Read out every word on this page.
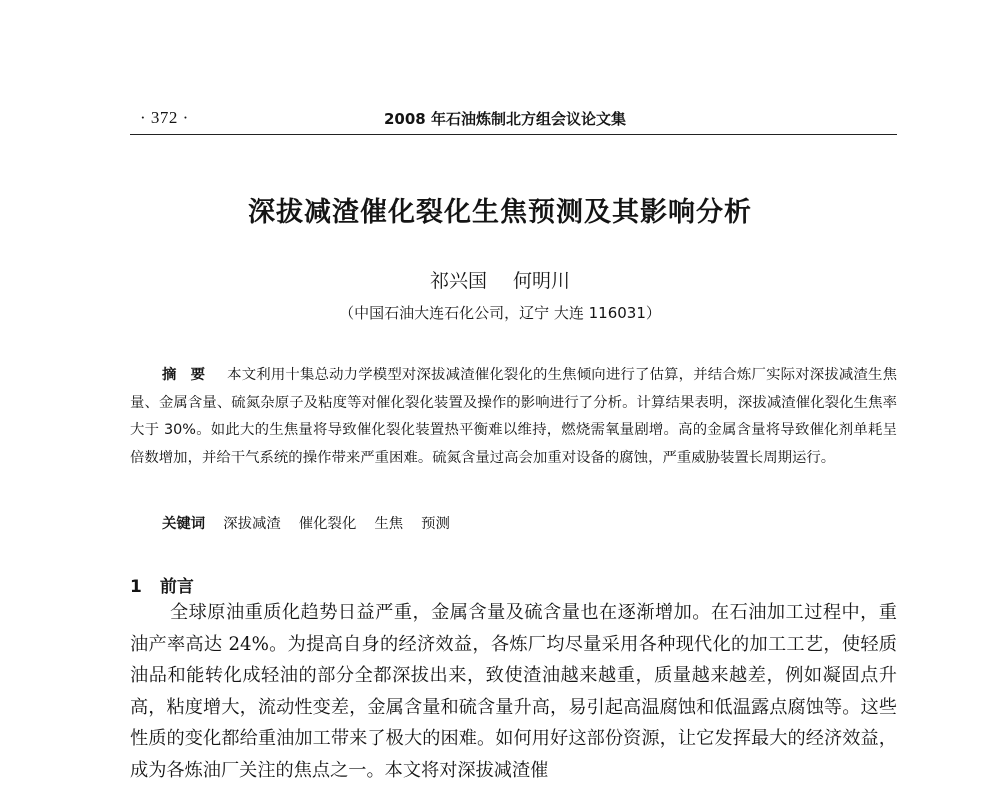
· 372 ·	2008 年石油炼制北方组会议论文集
深拔减渣催化裂化生焦预测及其影响分析
祁兴国 何明川
（中国石油大连石化公司，辽宁 大连 116031）

摘要 本文利用十集总动力学模型对深拔减渣催化裂化的生焦倾向进行了估算，并结合炼厂实际对深拔减渣生焦量、金属含量、硫氮杂原子及粘度等对催化裂化装置及操作的影响进行了分析。计算结果表明，深拔减渣催化裂化生焦率大于 30%。如此大的生焦量将导致催化裂化装置热平衡难以维持，燃烧需氧量剧增。高的金属含量将导致催化剂单耗呈倍数增加，并给干气系统的操作带来严重困难。硫氮含量过高会加重对设备的腐蚀，严重威胁装置长周期运行。

关键词 深拔减渣 催化裂化 生焦 预测
1 前言

全球原油重质化趋势日益严重，金属含量及硫含量也在逐渐增加。在石油加工过程中，重油产率高达 24%。为提高自身的经济效益，各炼厂均尽量采用各种现代化的加工工艺，使轻质油品和能转化成轻油的部分全都深拔出来，致使渣油越来越重，质量越来越差，例如凝固点升高，粘度增大，流动性变差，金属含量和硫含量升高，易引起高温腐蚀和低温露点腐蚀等。这些性质的变化都给重油加工带来了极大的困难。如何用好这部份资源，让它发挥最大的经济效益，成为各炼油厂关注的焦点之一。本文将对深拔减渣催
